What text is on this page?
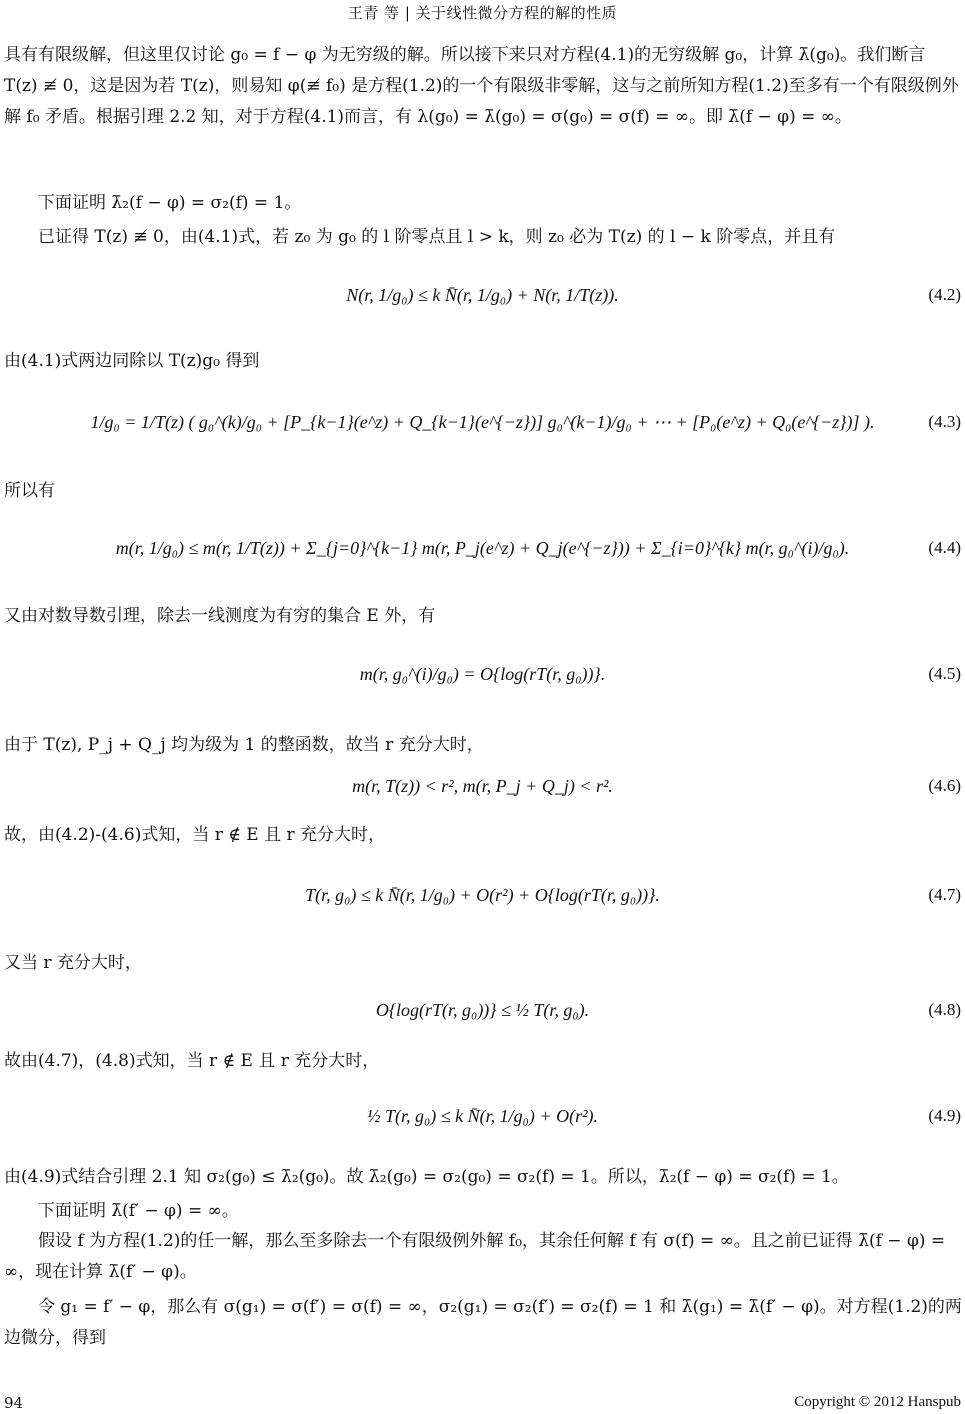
王青 等 | 关于线性微分方程的解的性质
具有有限级解，但这里仅讨论 g₀ = f − φ 为无穷级的解。所以接下来只对方程(4.1)的无穷级解 g₀，计算 λ̄(g₀)。我们断言 T(z) ≢ 0，这是因为若 T(z)，则易知 φ(≢ f₀) 是方程(1.2)的一个有限级非零解，这与之前所知方程(1.2)至多有一个有限级例外解 f₀ 矛盾。根据引理 2.2 知，对于方程(4.1)而言，有 λ(g₀) = λ̄(g₀) = σ(g₀) = σ(f) = ∞。即 λ̄(f − φ) = ∞。
下面证明 λ̄₂(f − φ) = σ₂(f) = 1。
已证得 T(z) ≢ 0，由(4.1)式，若 z₀ 为 g₀ 的 l 阶零点且 l > k，则 z₀ 必为 T(z) 的 l − k 阶零点，并且有
N(r, 1/g₀) ≤ k N̄(r, 1/g₀) + N(r, 1/T(z)).	(4.2)
由(4.1)式两边同除以 T(z)g₀ 得到
1/g₀ = 1/T(z) ( g₀^(k)/g₀ + [P_{k−1}(e^z) + Q_{k−1}(e^{−z})] g₀^(k−1)/g₀ + ⋯ + [P₀(e^z) + Q₀(e^{−z})] ).	(4.3)
所以有
m(r, 1/g₀) ≤ m(r, 1/T(z)) + Σ_{j=0}^{k−1} m(r, P_j(e^z) + Q_j(e^{−z})) + Σ_{i=0}^{k} m(r, g₀^(i)/g₀).	(4.4)
又由对数导数引理，除去一线测度为有穷的集合 E 外，有
m(r, g₀^(i)/g₀) = O{log(rT(r, g₀))}.	(4.5)
由于 T(z), P_j + Q_j 均为级为 1 的整函数，故当 r 充分大时，
m(r, T(z)) < r², m(r, P_j + Q_j) < r².	(4.6)
故，由(4.2)-(4.6)式知，当 r ∉ E 且 r 充分大时，
T(r, g₀) ≤ k N̄(r, 1/g₀) + O(r²) + O{log(rT(r, g₀))}.	(4.7)
又当 r 充分大时，
O{log(rT(r, g₀))} ≤ ½ T(r, g₀).	(4.8)
故由(4.7)，(4.8)式知，当 r ∉ E 且 r 充分大时，
½ T(r, g₀) ≤ k N̄(r, 1/g₀) + O(r²).	(4.9)
由(4.9)式结合引理 2.1 知 σ₂(g₀) ≤ λ̄₂(g₀)。故 λ̄₂(g₀) = σ₂(g₀) = σ₂(f) = 1。所以，λ̄₂(f − φ) = σ₂(f) = 1。
下面证明 λ̄(f′ − φ) = ∞。
假设 f 为方程(1.2)的任一解，那么至多除去一个有限级例外解 f₀，其余任何解 f 有 σ(f) = ∞。且之前已证得 λ̄(f − φ) = ∞，现在计算 λ̄(f′ − φ)。
令 g₁ = f′ − φ，那么有 σ(g₁) = σ(f′) = σ(f) = ∞，σ₂(g₁) = σ₂(f′) = σ₂(f) = 1 和 λ̄(g₁) = λ̄(f′ − φ)。对方程(1.2)的两边微分，得到
94	Copyright © 2012 Hanspub
